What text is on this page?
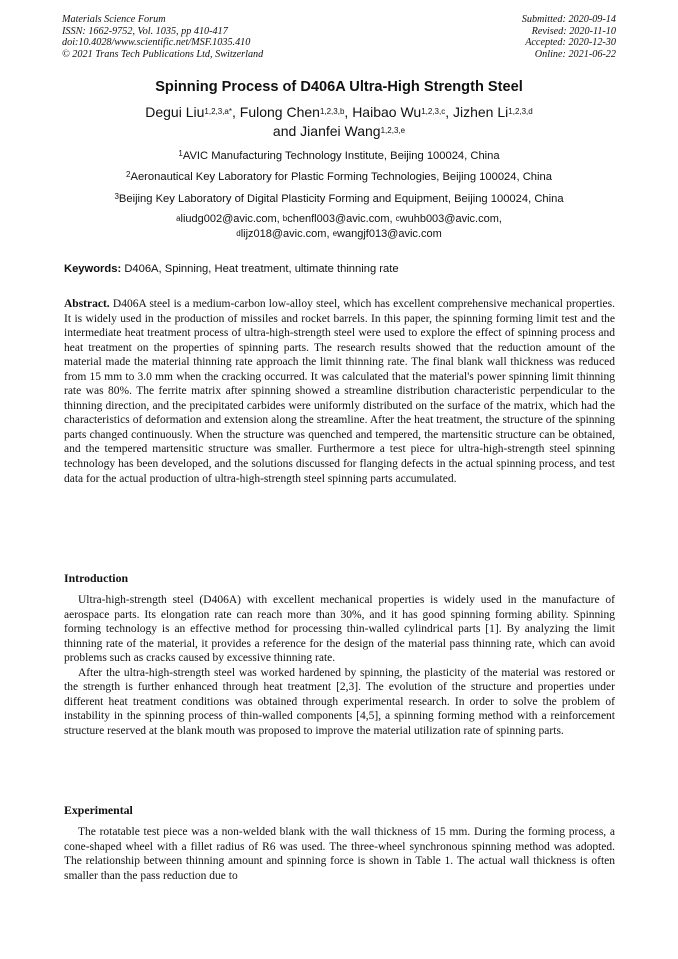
Materials Science Forum
ISSN: 1662-9752, Vol. 1035, pp 410-417
doi:10.4028/www.scientific.net/MSF.1035.410
© 2021 Trans Tech Publications Ltd, Switzerland
Submitted: 2020-09-14
Revised: 2020-11-10
Accepted: 2020-12-30
Online: 2021-06-22
Spinning Process of D406A Ultra-High Strength Steel
Degui Liu$^{1,2,3,a*}$, Fulong Chen$^{1,2,3,b}$, Haibao Wu$^{1,2,3,c}$, Jizhen Li$^{1,2,3,d}$
and Jianfei Wang$^{1,2,3,e}$
$^1$AVIC Manufacturing Technology Institute, Beijing 100024, China
$^2$Aeronautical Key Laboratory for Plastic Forming Technologies, Beijing 100024, China
$^3$Beijing Key Laboratory of Digital Plasticity Forming and Equipment, Beijing 100024, China
$^a$liudg002@avic.com, $^b$chenfl003@avic.com, $^c$wuhb003@avic.com,
$^d$lijz018@avic.com, $^e$wangjf013@avic.com
Keywords: D406A, Spinning, Heat treatment, ultimate thinning rate

Abstract. D406A steel is a medium-carbon low-alloy steel, which has excellent comprehensive mechanical properties. It is widely used in the production of missiles and rocket barrels. In this paper, the spinning forming limit test and the intermediate heat treatment process of ultra-high-strength steel were used to explore the effect of spinning process and heat treatment on the properties of spinning parts. The research results showed that the reduction amount of the material made the material thinning rate approach the limit thinning rate. The final blank wall thickness was reduced from 15 mm to 3.0 mm when the cracking occurred. It was calculated that the material's power spinning limit thinning rate was 80%. The ferrite matrix after spinning showed a streamline distribution characteristic perpendicular to the thinning direction, and the precipitated carbides were uniformly distributed on the surface of the matrix, which had the characteristics of deformation and extension along the streamline. After the heat treatment, the structure of the spinning parts changed continuously. When the structure was quenched and tempered, the martensitic structure can be obtained, and the tempered martensitic structure was smaller. Furthermore a test piece for ultra-high-strength steel spinning technology has been developed, and the solutions discussed for flanging defects in the actual spinning process, and test data for the actual production of ultra-high-strength steel spinning parts accumulated.

Introduction

Ultra-high-strength steel (D406A) with excellent mechanical properties is widely used in the manufacture of aerospace parts. Its elongation rate can reach more than 30%, and it has good spinning forming ability. Spinning forming technology is an effective method for processing thin-walled cylindrical parts [1]. By analyzing the limit thinning rate of the material, it provides a reference for the design of the material pass thinning rate, which can avoid problems such as cracks caused by excessive thinning rate.

After the ultra-high-strength steel was worked hardened by spinning, the plasticity of the material was restored or the strength is further enhanced through heat treatment [2,3]. The evolution of the structure and properties under different heat treatment conditions was obtained through experimental research. In order to solve the problem of instability in the spinning process of thin-walled components [4,5], a spinning forming method with a reinforcement structure reserved at the blank mouth was proposed to improve the material utilization rate of spinning parts.

Experimental

The rotatable test piece was a non-welded blank with the wall thickness of 15 mm. During the forming process, a cone-shaped wheel with a fillet radius of R6 was used. The three-wheel synchronous spinning method was adopted. The relationship between thinning amount and spinning force is shown in Table 1. The actual wall thickness is often smaller than the pass reduction due to
